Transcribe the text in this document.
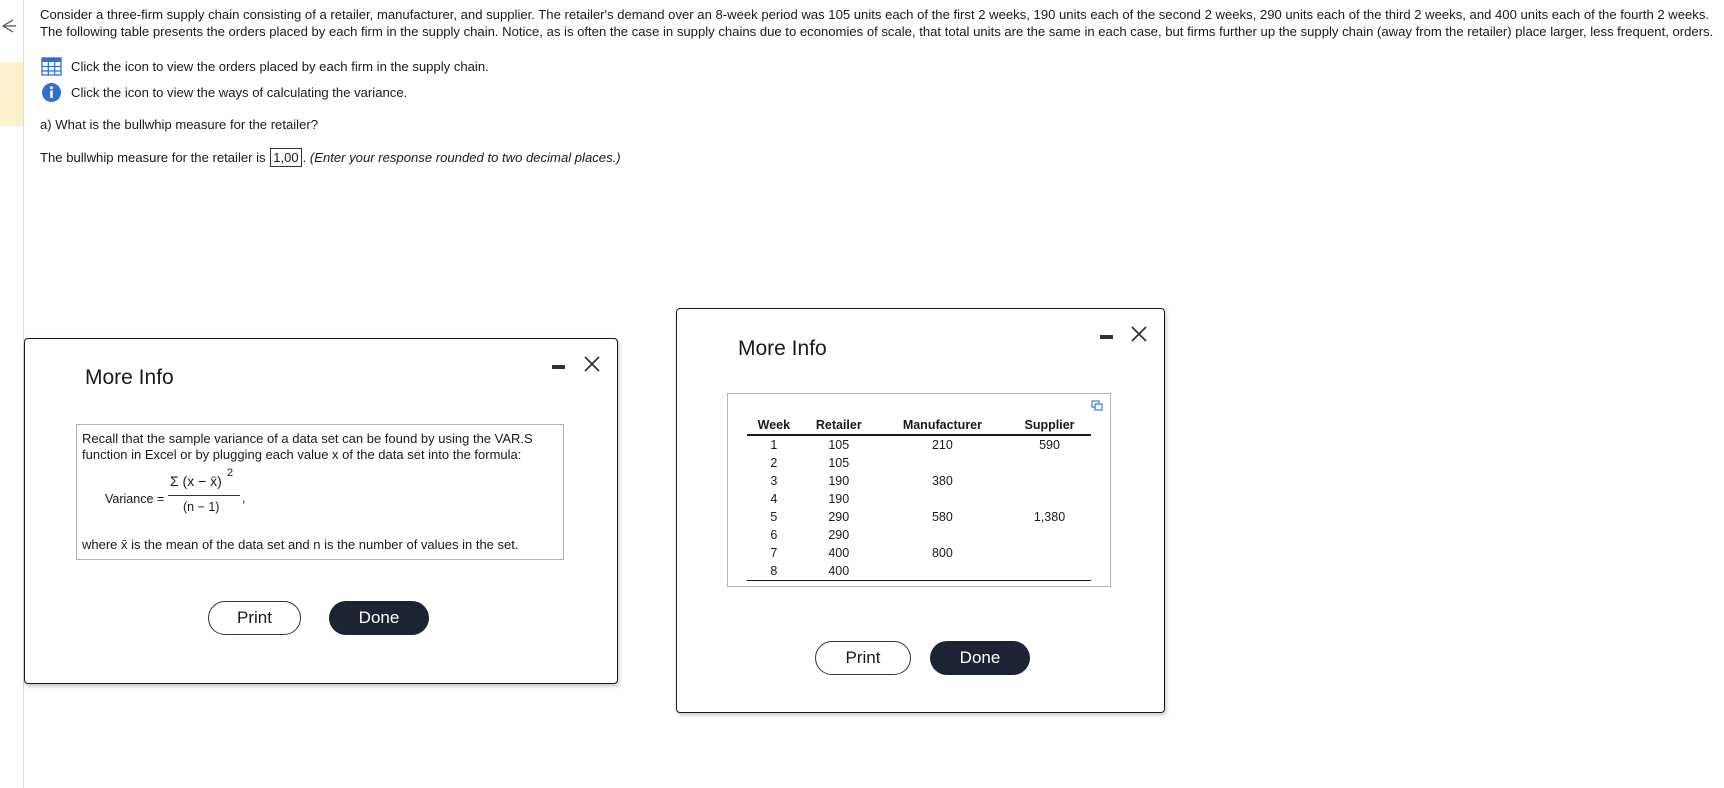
Consider a three-firm supply chain consisting of a retailer, manufacturer, and supplier. The retailer's demand over an 8-week period was 105 units each of the first 2 weeks, 190 units each of the second 2 weeks, 290 units each of the third 2 weeks, and 400 units each of the fourth 2 weeks. The following table presents the orders placed by each firm in the supply chain. Notice, as is often the case in supply chains due to economies of scale, that total units are the same in each case, but firms further up the supply chain (away from the retailer) place larger, less frequent, orders.

Click the icon to view the orders placed by each firm in the supply chain.
Click the icon to view the ways of calculating the variance.

a) What is the bullwhip measure for the retailer?

The bullwhip measure for the retailer is 1,00 . (Enter your response rounded to two decimal places.)

More Info
Recall that the sample variance of a data set can be found by using the VAR.S function in Excel or by plugging each value x of the data set into the formula:
Variance =
Σ (x − x̄) 2
(n − 1)
,
where x̄ is the mean of the data set and n is the number of values in the set.
Print	Done
More Info
Week	Retailer	Manufacturer	Supplier
1	105	210	590
2	105		
3	190	380	
4	190		
5	290	580	1,380
6	290		
7	400	800	
8	400		
Print	Done
